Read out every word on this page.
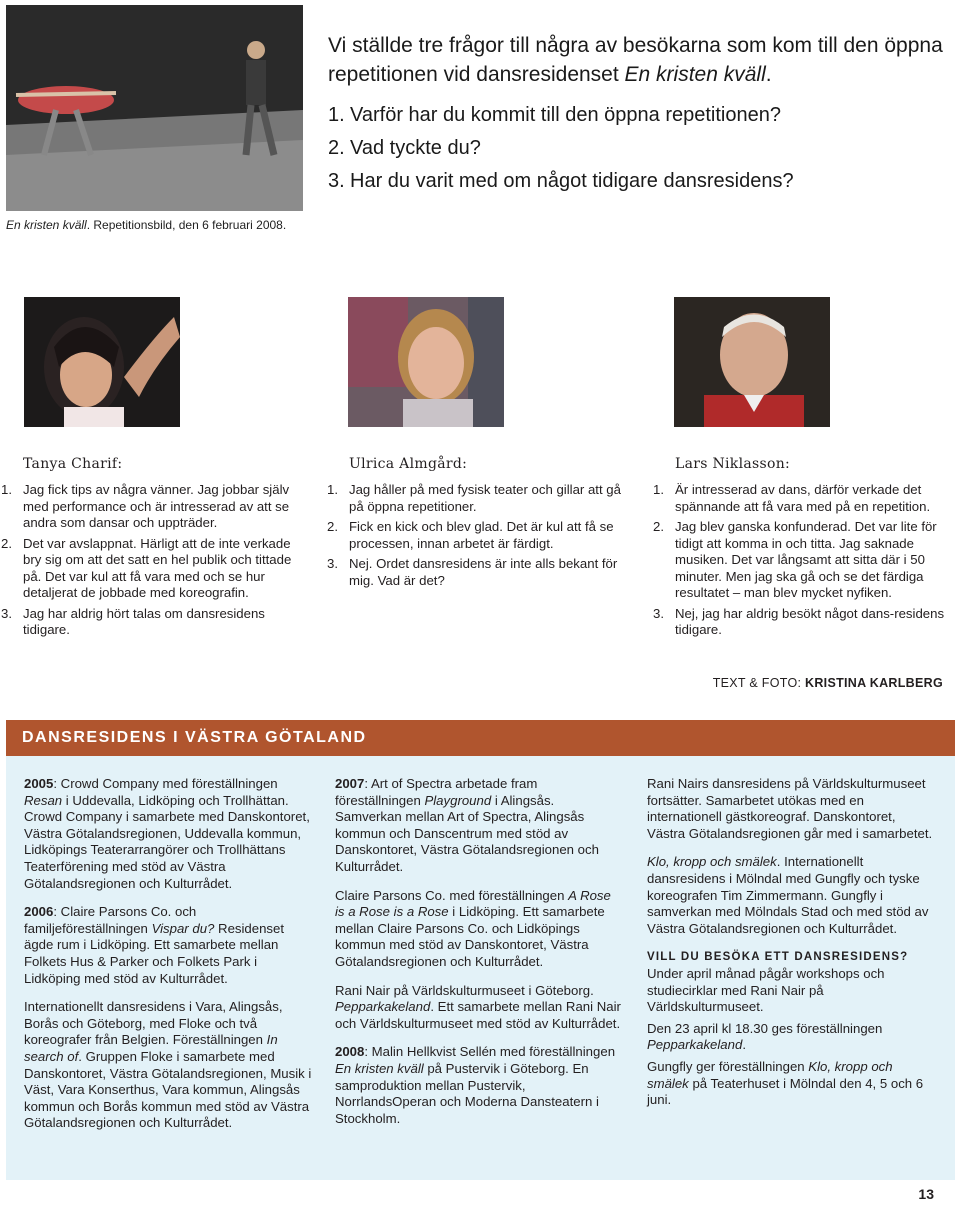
En kristen kväll. Repetitionsbild, den 6 februari 2008.
Vi ställde tre frågor till några av besökarna som kom till den öppna repetitionen vid dansresidenset En kristen kväll.
1. Varför har du kommit till den öppna repetitionen?
2. Vad tyckte du?
3. Har du varit med om något tidigare dansresidens?
Tanya Charif:
1. Jag fick tips av några vänner. Jag jobbar själv med performance och är intresserad av att se andra som dansar och uppträder.
2. Det var avslappnat. Härligt att de inte verkade bry sig om att det satt en hel publik och tittade på. Det var kul att få vara med och se hur detaljerat de jobbade med koreografin.
3. Jag har aldrig hört talas om dansresidens tidigare.
Ulrica Almgård:
1. Jag håller på med fysisk teater och gillar att gå på öppna repetitioner.
2. Fick en kick och blev glad. Det är kul att få se processen, innan arbetet är färdigt.
3. Nej. Ordet dansresidens är inte alls bekant för mig. Vad är det?
Lars Niklasson:
1. Är intresserad av dans, därför verkade det spännande att få vara med på en repetition.
2. Jag blev ganska konfunderad. Det var lite för tidigt att komma in och titta. Jag saknade musiken. Det var långsamt att sitta där i 50 minuter. Men jag ska gå och se det färdiga resultatet – man blev mycket nyfiken.
3. Nej, jag har aldrig besökt något dans-residens tidigare.
TEXT & FOTO: KRISTINA KARLBERG
DANSRESIDENS I VÄSTRA GÖTALAND

2005: Crowd Company med föreställningen Resan i Uddevalla, Lidköping och Trollhättan. Crowd Company i samarbete med Danskontoret, Västra Götalandsregionen, Uddevalla kommun, Lidköpings Teaterarrangörer och Trollhättans Teaterförening med stöd av Västra Götalandsregionen och Kulturrådet.

2006: Claire Parsons Co. och familjeföreställningen Vispar du? Residenset ägde rum i Lidköping. Ett samarbete mellan Folkets Hus & Parker och Folkets Park i Lidköping med stöd av Kulturrådet.

Internationellt dansresidens i Vara, Alingsås, Borås och Göteborg, med Floke och två koreografer från Belgien. Föreställningen In search of. Gruppen Floke i samarbete med Danskontoret, Västra Götalandsregionen, Musik i Väst, Vara Konserthus, Vara kommun, Alingsås kommun och Borås kommun med stöd av Västra Götalandsregionen och Kulturrådet.

2007: Art of Spectra arbetade fram föreställningen Playground i Alingsås. Samverkan mellan Art of Spectra, Alingsås kommun och Danscentrum med stöd av Danskontoret, Västra Götalandsregionen och Kulturrådet.

Claire Parsons Co. med föreställningen A Rose is a Rose is a Rose i Lidköping. Ett samarbete mellan Claire Parsons Co. och Lidköpings kommun med stöd av Danskontoret, Västra Götalandsregionen och Kulturrådet.

Rani Nair på Världskulturmuseet i Göteborg. Pepparkakeland. Ett samarbete mellan Rani Nair och Världskulturmuseet med stöd av Kulturrådet.

2008: Malin Hellkvist Sellén med föreställningen En kristen kväll på Pustervik i Göteborg. En samproduktion mellan Pustervik, NorrlandsOperan och Moderna Dansteatern i Stockholm.

Rani Nairs dansresidens på Världskulturmuseet fortsätter. Samarbetet utökas med en internationell gästkoreograf. Danskontoret, Västra Götalandsregionen går med i samarbetet.

Klo, kropp och smälek. Internationellt dansresidens i Mölndal med Gungfly och tyske koreografen Tim Zimmermann. Gungfly i samverkan med Mölndals Stad och med stöd av Västra Götalandsregionen och Kulturrådet.

VILL DU BESÖKA ETT DANSRESIDENS?

Under april månad pågår workshops och studiecirklar med Rani Nair på Världskulturmuseet.

Den 23 april kl 18.30 ges föreställningen Pepparkakeland.

Gungfly ger föreställningen Klo, kropp och smälek på Teaterhuset i Mölndal den 4, 5 och 6 juni.

13
